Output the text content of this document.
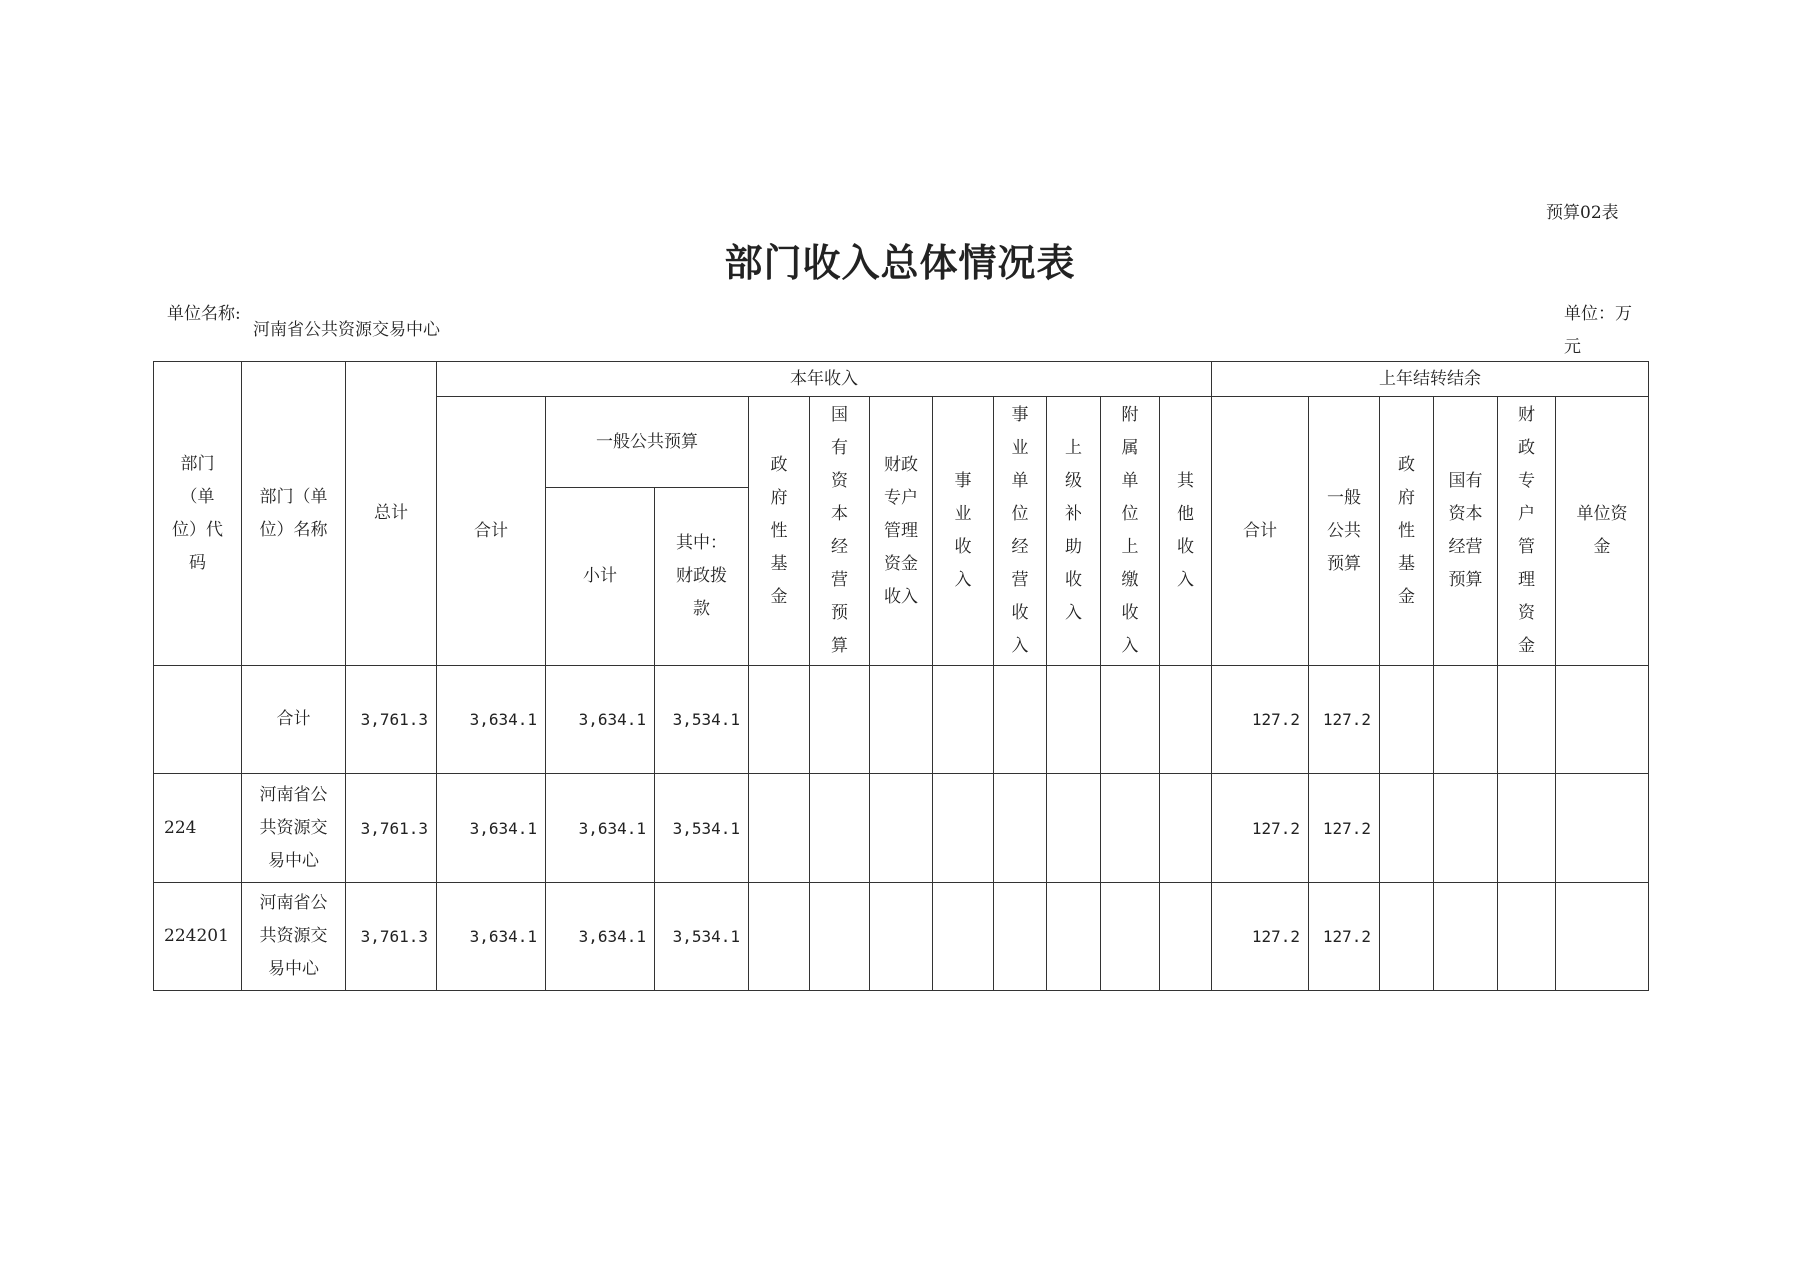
预算02表
部门收入总体情况表
单位名称:
河南省公共资源交易中心
单位：万元
部门（单位）代码	部门（单位）名称	总计	本年收入											上年结转结余					
			合计	一般公共预算		政府性基金	国有资本经营预算	财政专户管理资金收入	事业收入	事业单位经营收入	上级补助收入	附属单位上缴收入	其他收入	合计	一般公共预算	政府性基金	国有资本经营预算	财政专户管理资金	单位资金
				小计	其中：财政拨款														
	合计	3,761.3	3,634.1	3,634.1	3,534.1									127.2	127.2				
224	河南省公共资源交易中心	3,761.3	3,634.1	3,634.1	3,534.1									127.2	127.2				
224201	河南省公共资源交易中心	3,761.3	3,634.1	3,634.1	3,534.1									127.2	127.2				
